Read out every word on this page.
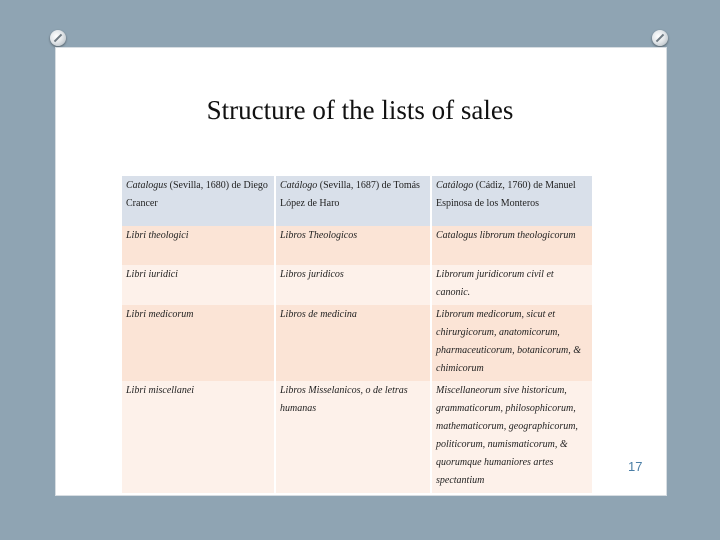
Structure of the lists of sales
Catalogus (Sevilla, 1680) de Diego Crancer	Catálogo (Sevilla, 1687) de Tomás López de Haro	Catálogo (Cádiz, 1760) de Manuel Espinosa de los Monteros
Libri theologici	Libros Theologicos	Catalogus librorum theologicorum
Libri iuridici	Libros juridicos	Librorum juridicorum civil et canonic.
Libri medicorum	Libros de medicina	Librorum medicorum, sicut et chirurgicorum, anatomicorum, pharmaceuticorum, botanicorum, & chimicorum
Libri miscellanei	Libros Misselanicos, o de letras humanas	Miscellaneorum sive historicum, grammaticorum, philosophicorum, mathematicorum, geographicorum, politicorum, numismaticorum, & quorumque humaniores artes spectantium
17
